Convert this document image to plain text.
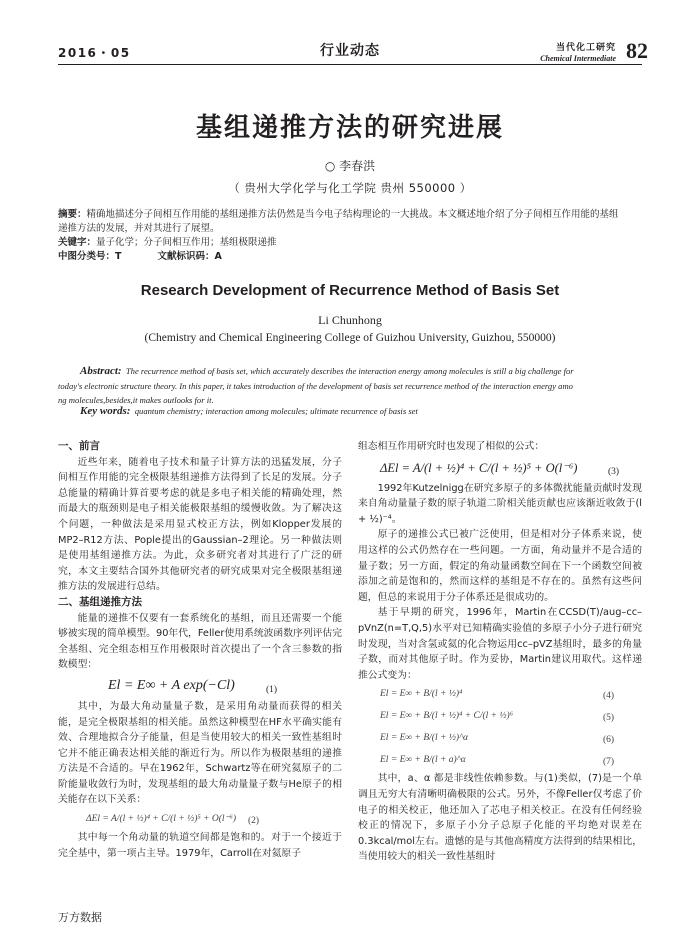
2016・05	行业动态	当代化工研究
Chemical Intermediate 82
基组递推方法的研究进展
○ 李春洪
（ 贵州大学化学与化工学院 贵州 550000 ）
摘要：精确地描述分子间相互作用能的基组递推方法仍然是当今电子结构理论的一大挑战。本文概述地介绍了分子间相互作用能的基组
递推方法的发展，并对其进行了展望。
关键字：量子化学；分子间相互作用；基组极限递推
中图分类号：T	文献标识码：A
Research Development of Recurrence Method of Basis Set
Li Chunhong
(Chemistry and Chemical Engineering College of Guizhou University, Guizhou, 550000)
Abstract: The recurrence method of basis set, which accurately describes the interaction energy among molecules is still a big challenge for
today's electronic structure theory. In this paper, it takes introduction of the development of basis set recurrence method of the interaction energy amo
ng molecules,besides,it makes outlooks for it.
Key words: quantum chemistry; interaction among molecules; ultimate recurrence of basis set
一、前言
近些年来，随着电子技术和量子计算方法的迅猛发展，分子间相互作用能的完全极限基组递推方法得到了长足的发展。分子总能量的精确计算首要考虑的就是多电子相关能的精确处理，然而最大的瓶颈则是电子相关能极限基组的缓慢收敛。为了解决这个问题，一种做法是采用显式校正方法，例如Klopper发展的MP2–R12方法、Pople提出的Gaussian–2理论。另一种做法则是使用基组递推方法。为此，众多研究者对其进行了广泛的研究，本文主要结合国外其他研究者的研究成果对完全极限基组递推方法的发展进行总结。
二、基组递推方法
能量的递推不仅要有一套系统化的基组，而且还需要一个能够被实现的简单模型。90年代，Feller使用系统波函数序列评估完全基组、完全组态相互作用极限时首次提出了一个含三参数的指数模型：
El = E∞ + A exp(−Cl)	(1)
其中，为最大角动量量子数，是采用角动量而获得的相关能，是完全极限基组的相关能。虽然这种模型在HF水平确实能有效、合理地拟合分子能量，但是当使用较大的相关一致性基组时它并不能正确表达相关能的渐近行为。所以作为极限基组的递推方法是不合适的。早在1962年，Schwartz等在研究氦原子的二阶能量收敛行为时，发现基组的最大角动量量子数与He原子的相关能存在以下关系：
ΔEl = A/(l + ½)⁴ + C/(l + ½)⁵ + O(l⁻⁶) (2)
其中每一个角动量的轨道空间都是饱和的。对于一个接近于完全基中，第一项占主导。1979年，Carroll在对氦原子
组态相互作用研究时也发现了相似的公式：
ΔEl = A/(l + ½)⁴ + C/(l + ½)⁵ + O(l⁻⁶)	(3)
1992年Kutzelnigg在研究多原子的多体微扰能量贡献时发现来自角动量量子数的原子轨道二阶相关能贡献也应该渐近收敛于(l + ½)⁻⁴。
原子的递推公式已被广泛使用，但是相对分子体系来说，使用这样的公式仍然存在一些问题。一方面，角动量并不是合适的量子数；另一方面，假定的角动量函数空间在下一个函数空间被添加之前是饱和的，然而这样的基组是不存在的。虽然有这些问题，但总的来说用于分子体系还是很成功的。
基于早期的研究，1996年，Martin在CCSD(T)/aug–cc–pVnZ(n=T,Q,5)水平对已知精确实验值的多原子小分子进行研究时发现，当对含氢或氦的化合物运用cc–pVZ基组时，最多的角量子数，而对其他原子时。作为妥协，Martin建议用取代。这样递推公式变为：
El = E∞ + B/(l + ½)⁴	(4)
El = E∞ + B/(l + ½)⁴ + C/(l + ½)⁶	(5)
El = E∞ + B/(l + ½)^α	(6)
El = E∞ + B/(l + a)^α	(7)
其中，a、α 都是非线性依赖参数。与(1)类似，(7)是一个单调且无穷大有清晰明确极限的公式。另外，不像Feller仅考虑了价电子的相关校正，他还加入了芯电子相关校正。在没有任何经验校正的情况下，多原子小分子总原子化能的平均绝对误差在0.3kcal/mol左右。遗憾的是与其他高精度方法得到的结果相比，当使用较大的相关一致性基组时
万方数据
